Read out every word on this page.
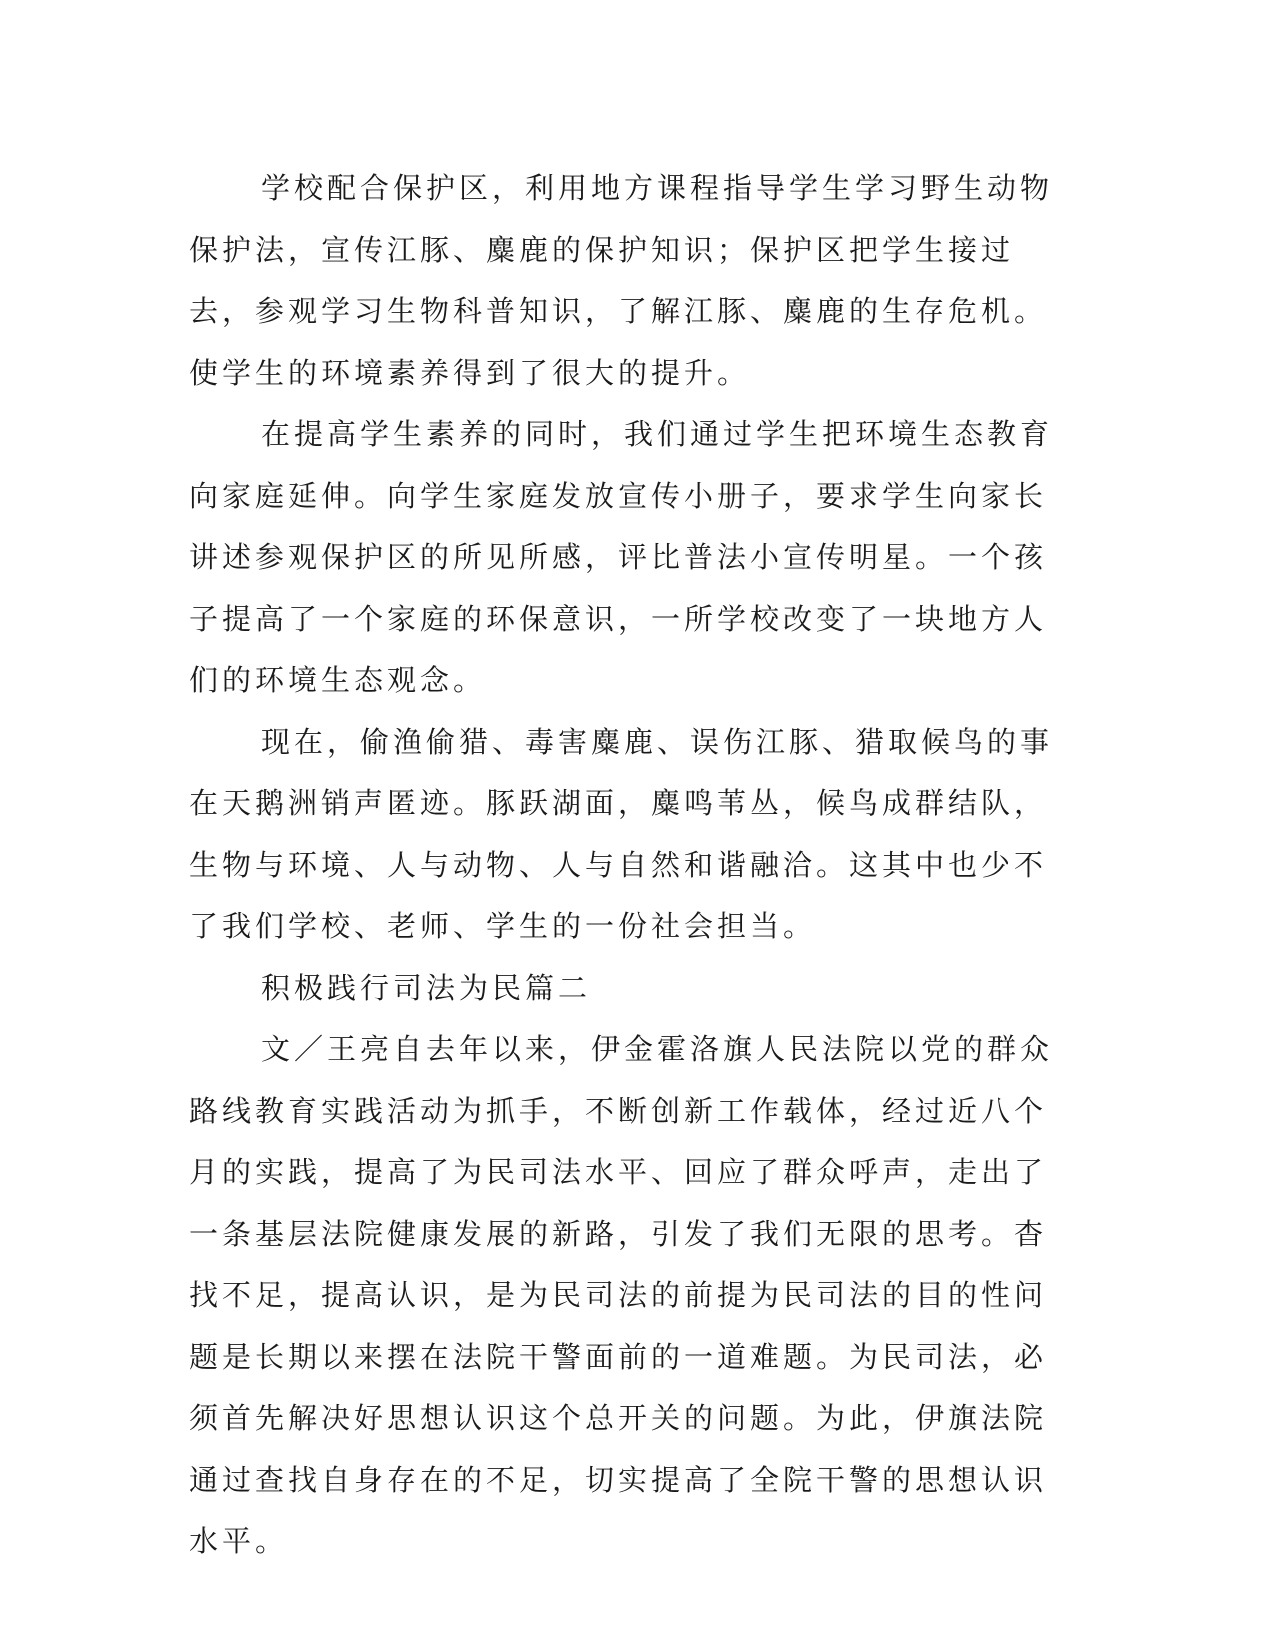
学校配合保护区，利用地方课程指导学生学习野生动物保护法，宣传江豚、麋鹿的保护知识；保护区把学生接过去，参观学习生物科普知识，了解江豚、麋鹿的生存危机。使学生的环境素养得到了很大的提升。

在提高学生素养的同时，我们通过学生把环境生态教育向家庭延伸。向学生家庭发放宣传小册子，要求学生向家长讲述参观保护区的所见所感，评比普法小宣传明星。一个孩子提高了一个家庭的环保意识，一所学校改变了一块地方人们的环境生态观念。

现在，偷渔偷猎、毒害麋鹿、误伤江豚、猎取候鸟的事在天鹅洲销声匿迹。豚跃湖面，麋鸣苇丛，候鸟成群结队，生物与环境、人与动物、人与自然和谐融洽。这其中也少不了我们学校、老师、学生的一份社会担当。

积极践行司法为民篇二

文／王亮自去年以来，伊金霍洛旗人民法院以党的群众路线教育实践活动为抓手，不断创新工作载体，经过近八个月的实践，提高了为民司法水平、回应了群众呼声，走出了一条基层法院健康发展的新路，引发了我们无限的思考。杳找不足，提高认识，是为民司法的前提为民司法的目的性问题是长期以来摆在法院干警面前的一道难题。为民司法，必须首先解决好思想认识这个总开关的问题。为此，伊旗法院通过查找自身存在的不足，切实提高了全院干警的思想认识水平。
